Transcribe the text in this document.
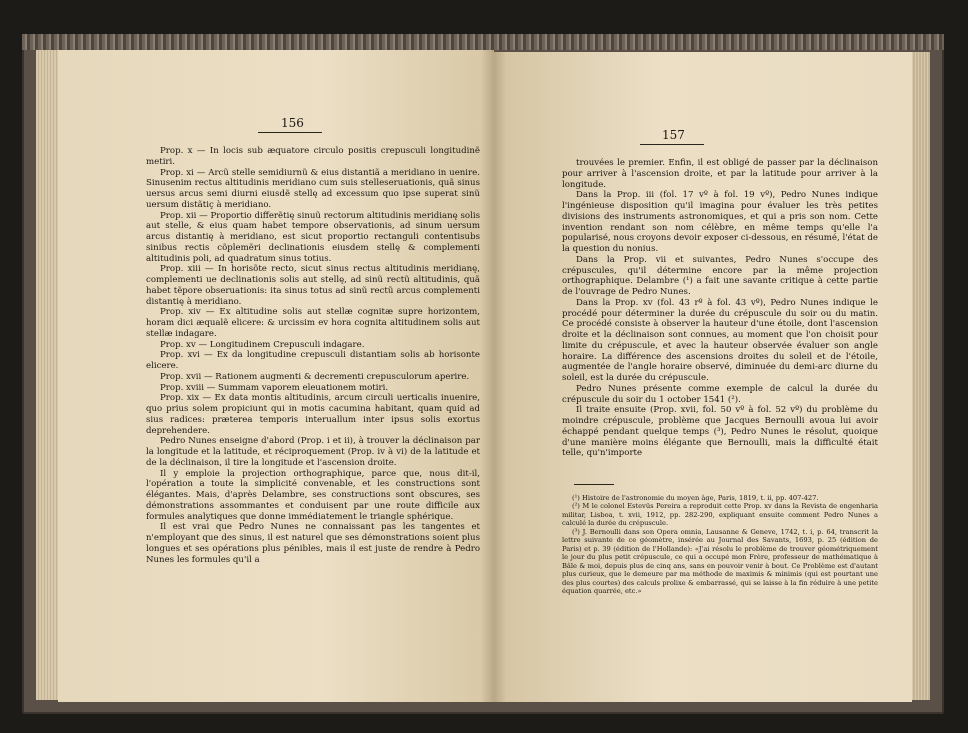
156

Prop. x — In locis sub æquatore circulo positis crepusculi longitudinẽ metiri.

Prop. xi — Arcũ stelle semidiurnũ & eius distantiã a meridiano in uenire. Sinusenim rectus altitudinis meridiano cum suis stelleseruationis, quã sinus uersus arcus semi diurni eiusdẽ stellę ad excessum quo ipse superat sinũ uersum distãtiç à meridiano.

Prop. xii — Proportio differẽtię sinuũ rectorum altitudinis meridianę solis aut stelle, & eius quam habet tempore observationis, ad sinum uersum arcus distantię à meridiano, est sicut proportio rectanguli contentisubs sinibus rectis cõplemẽri declinationis eiusdem stellę & complementi altitudinis poli, ad quadratum sinus totius.

Prop. xiii — In horisõte recto, sicut sinus rectus altitudinis meridianę, complementi ue declinationis solis aut stellę, ad sinũ rectũ altitudinis, quã habet tẽpore obseruationis: ita sinus totus ad sinũ rectũ arcus complementi distantię à meridiano.

Prop. xiv — Ex altitudine solis aut stellæ cognitæ supre horizontem, horam dici æqualẽ elicere: & urcissim ev hora cognita altitudinem solis aut stellæ indagare.

Prop. xv — Longitudinem Crepusculi indagare.

Prop. xvi — Ex da longitudine crepusculi distantiam solis ab horisonte elicere.

Prop. xvii — Rationem augmenti & decrementi crepusculorum aperire.

Prop. xviii — Summam vaporem eleuationem motiri.

Prop. xix — Ex data montis altitudinis, arcum circuli uerticalis inuenire, quo prius solem propiciunt qui in motis cacumina habitant, quam quid ad sius radices: præterea temporis interuallum inter ipsus solis exortus deprehendere.

Pedro Nunes enseigne d'abord (Prop. i et ii), à trouver la déclinaison par la longitude et la latitude, et réciproquement (Prop. iv à vi) de la latitude et de la déclinaison, il tire la longitude et l'ascension droite.

Il y emploie la projection orthographique, parce que, nous dit-il, l'opération a toute la simplicité convenable, et les constructions sont élégantes. Mais, d'après Delambre, ses constructions sont obscures, ses démonstrations assommantes et conduisent par une route difficile aux formules analytiques que donne immédiatement le triangle sphérique.

Il est vrai que Pedro Nunes ne connaissant pas les tangentes et n'employant que des sinus, il est naturel que ses démonstrations soient plus longues et ses opérations plus pénibles, mais il est juste de rendre à Pedro Nunes les formules qu'il a

157

trouvées le premier. Enfin, il est obligé de passer par la déclinaison pour arriver à l'ascension droite, et par la latitude pour arriver à la longitude.

Dans la Prop. iii (fol. 17 vº à fol. 19 vº), Pedro Nunes indique l'ingénieuse disposition qu'il imagina pour évaluer les très petites divisions des instruments astronomiques, et qui a pris son nom. Cette invention rendant son nom célèbre, en même temps qu'elle l'a popularisé, nous croyons devoir exposer ci-dessous, en résumé, l'état de la question du nonius.

Dans la Prop. vii et suivantes, Pedro Nunes s'occupe des crépuscules, qu'il détermine encore par la même projection orthographique. Delambre (¹) a fait une savante critique à cette partie de l'ouvrage de Pedro Nunes.

Dans la Prop. xv (fol. 43 rº à fol. 43 vº), Pedro Nunes indique le procédé pour déterminer la durée du crépuscule du soir ou du matin. Ce procédé consiste à observer la hauteur d'une étoile, dont l'ascension droite et la déclinaison sont connues, au moment que l'on choisit pour limite du crépuscule, et avec la hauteur observée évaluer son angle horaire. La différence des ascensions droites du soleil et de l'étoile, augmentée de l'angle horaire observé, diminuée du demi-arc diurne du soleil, est la durée du crépuscule.

Pedro Nunes présente comme exemple de calcul la durée du crépuscule du soir du 1 october 1541 (²).

Il traite ensuite (Prop. xvii, fol. 50 vº à fol. 52 vº) du problème du moindre crépuscule, problème que Jacques Bernoulli avoua lui avoir échappé pendant quelque temps (³), Pedro Nunes le résolut, quoique d'une manière moins élégante que Bernoulli, mais la difficulté était telle, qu'n'importe

(¹) Histoire de l'astronomie du moyen âge, Paris, 1819, t. ii, pp. 407-427.

(²) M le colonel Estevüs Pereira a reproduit cette Prop. xv dans la Revista de engenharia militar, Lisboa, t. xvii, 1912, pp. 282-290, expliquant ensuite comment Pedro Nunes a calculé la durée du crépuscule.

(³) J. Bernoulli dans son Opera omnia, Lausanne & Geneve, 1742, t. i, p. 64, transcrit la lettre suivante de ce géomètre, insérée au Journal des Savants, 1693, p. 25 (édition de Paris) et p. 39 (édition de l'Hollande): «J'ai résolu le problème de trouver géométriquement le jour du plus petit crépuscule, ce qui a occupé mon Frère, professeur de mathématique à Bâle & moi, depuis plus de cinq ans, sans en pouvoir venir à bout. Ce Problème est d'autant plus curieux, que le demeure par ma méthode de maximis & minimis (qui est pourtant une des plus courtes) des calculs prolixe & embarrassé, qui se laisse à la fin réduire à une petite équation quarrée, etc.»
